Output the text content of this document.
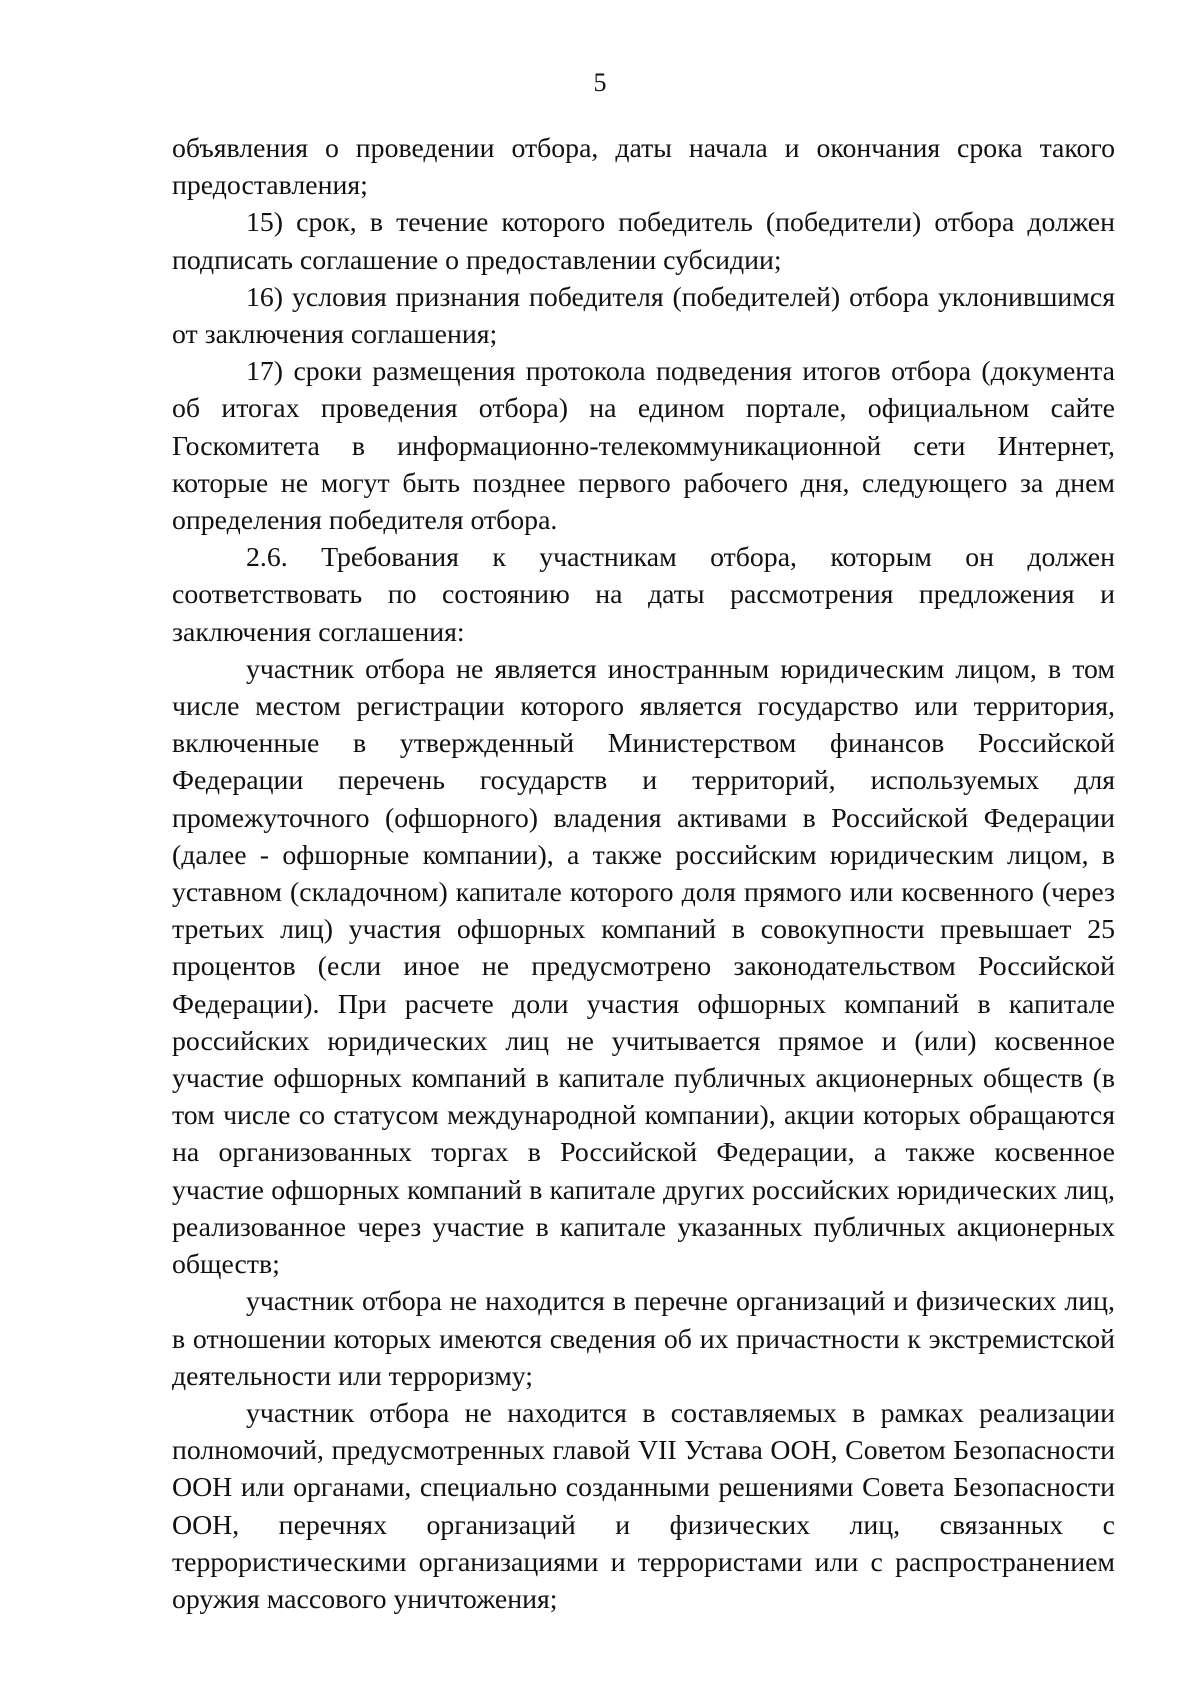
5

объявления о проведении отбора, даты начала и окончания срока такого предоставления;

15) срок, в течение которого победитель (победители) отбора должен подписать соглашение о предоставлении субсидии;

16) условия признания победителя (победителей) отбора уклонившимся от заключения соглашения;

17) сроки размещения протокола подведения итогов отбора (документа об итогах проведения отбора) на едином портале, официальном сайте Госкомитета в информационно-телекоммуникационной сети Интернет, которые не могут быть позднее первого рабочего дня, следующего за днем определения победителя отбора.

2.6. Требования к участникам отбора, которым он должен соответствовать по состоянию на даты рассмотрения предложения и заключения соглашения:

участник отбора не является иностранным юридическим лицом, в том числе местом регистрации которого является государство или территория, включенные в утвержденный Министерством финансов Российской Федерации перечень государств и территорий, используемых для промежуточного (офшорного) владения активами в Российской Федерации (далее - офшорные компании), а также российским юридическим лицом, в уставном (складочном) капитале которого доля прямого или косвенного (через третьих лиц) участия офшорных компаний в совокупности превышает 25 процентов (если иное не предусмотрено законодательством Российской Федерации). При расчете доли участия офшорных компаний в капитале российских юридических лиц не учитывается прямое и (или) косвенное участие офшорных компаний в капитале публичных акционерных обществ (в том числе со статусом международной компании), акции которых обращаются на организованных торгах в Российской Федерации, а также косвенное участие офшорных компаний в капитале других российских юридических лиц, реализованное через участие в капитале указанных публичных акционерных обществ;

участник отбора не находится в перечне организаций и физических лиц, в отношении которых имеются сведения об их причастности к экстремистской деятельности или терроризму;

участник отбора не находится в составляемых в рамках реализации полномочий, предусмотренных главой VII Устава ООН, Советом Безопасности ООН или органами, специально созданными решениями Совета Безопасности ООН, перечнях организаций и физических лиц, связанных с террористическими организациями и террористами или с распространением оружия массового уничтожения;
